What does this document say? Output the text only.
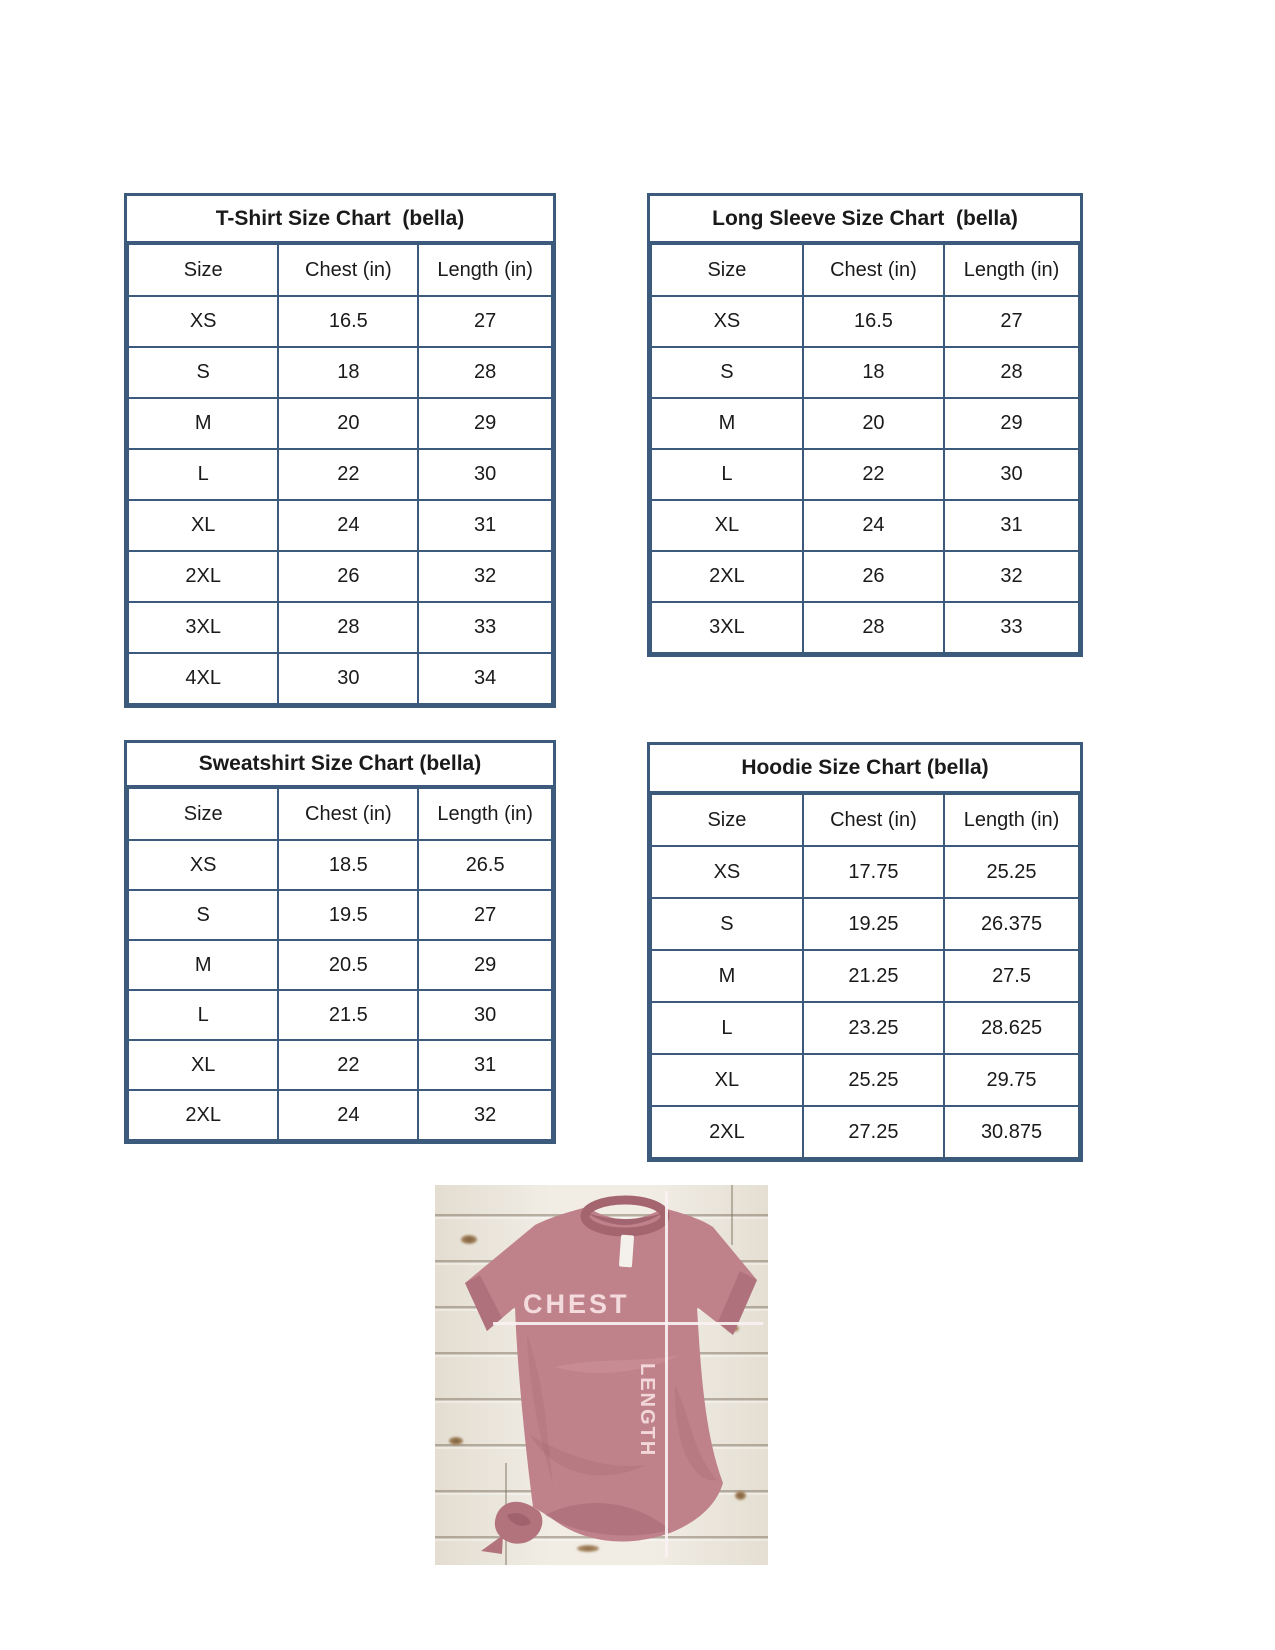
T-Shirt Size Chart  (bella)
Size	Chest (in)	Length (in)
XS	16.5	27
S	18	28
M	20	29
L	22	30
XL	24	31
2XL	26	32
3XL	28	33
4XL	30	34
Long Sleeve Size Chart  (bella)
Size	Chest (in)	Length (in)
XS	16.5	27
S	18	28
M	20	29
L	22	30
XL	24	31
2XL	26	32
3XL	28	33
Sweatshirt Size Chart (bella)
Size	Chest (in)	Length (in)
XS	18.5	26.5
S	19.5	27
M	20.5	29
L	21.5	30
XL	22	31
2XL	24	32
Hoodie Size Chart (bella)
Size	Chest (in)	Length (in)
XS	17.75	25.25
S	19.25	26.375
M	21.25	27.5
L	23.25	28.625
XL	25.25	29.75
2XL	27.25	30.875
CHEST
LENGTH
